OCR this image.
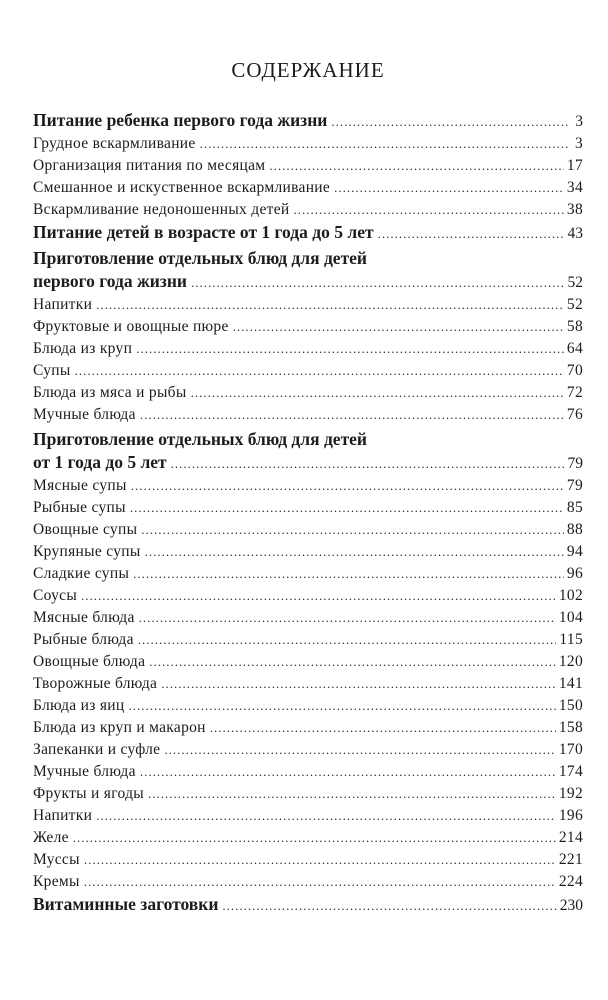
СОДЕРЖАНИЕ
Питание ребенка первого года жизни .....	3
Грудное вскармливание .....	3
Организация питания по месяцам .....	17
Смешанное и искуственное вскармливание .....	34
Вскармливание недоношенных детей .....	38
Питание детей в возрасте от 1 года до 5 лет .....	43
Приготовление отдельных блюд для детей
первого года жизни .....	52
Напитки .....	52
Фруктовые и овощные пюре .....	58
Блюда из круп .....	64
Супы .....	70
Блюда из мяса и рыбы .....	72
Мучные блюда .....	76
Приготовление отдельных блюд для детей
от 1 года до 5 лет .....	79
Мясные супы .....	79
Рыбные супы .....	85
Овощные супы .....	88
Крупяные супы .....	94
Сладкие супы .....	96
Соусы .....	102
Мясные блюда .....	104
Рыбные блюда .....	115
Овощные блюда .....	120
Творожные блюда .....	141
Блюда из яиц .....	150
Блюда из круп и макарон .....	158
Запеканки и суфле .....	170
Мучные блюда .....	174
Фрукты и ягоды .....	192
Напитки .....	196
Желе .....	214
Муссы .....	221
Кремы .....	224
Витаминные заготовки .....	230
